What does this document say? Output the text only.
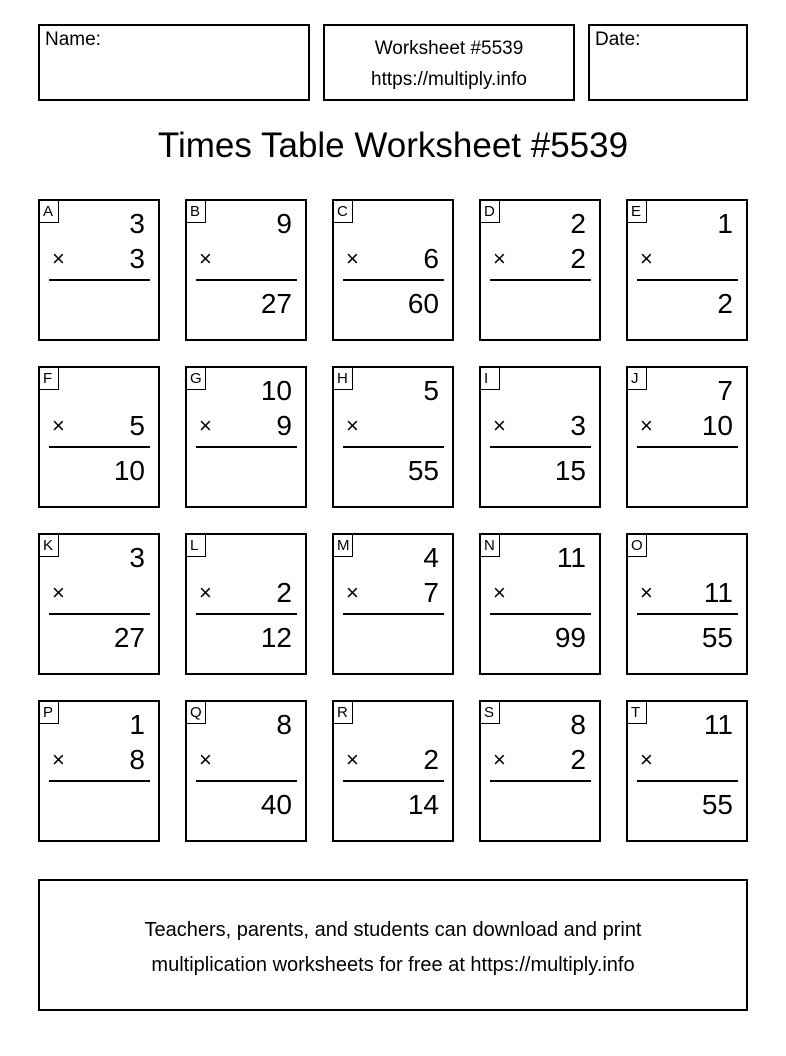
Name:	Worksheet #5539
https://multiply.info
Date:
Times Table Worksheet #5539
A	3
× 3
B	9
×
27
C
× 6
60
D	2
× 2
E	1
×
2
F
× 5
10
G 10
× 9
H	5
×
55
I
× 3
15
J	7
× 10
K	3
×
27
L
× 2
12
M	4
× 7
N 11
×
99
O
× 11
55
P	1
× 8
Q	8
×
40
R
× 2
14
S	8
× 2
T 11
×
55
Teachers, parents, and students can download and print
multiplication worksheets for free at https://multiply.info
